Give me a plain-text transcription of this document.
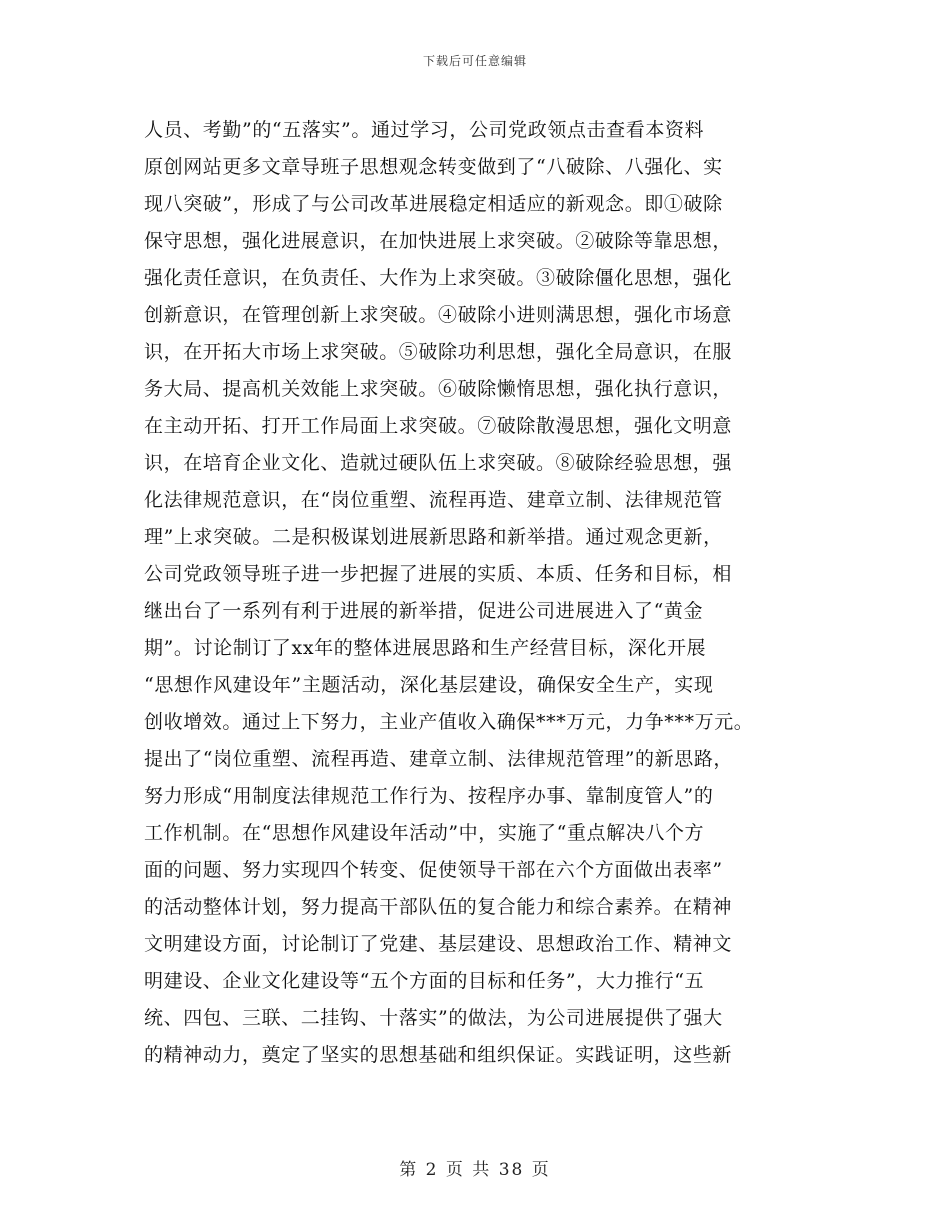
下载后可任意编辑
人员、考勤”的“五落实”。通过学习，公司党政领点击查看本资料
原创网站更多文章导班子思想观念转变做到了“八破除、八强化、实
现八突破”，形成了与公司改革进展稳定相适应的新观念。即①破除
保守思想，强化进展意识，在加快进展上求突破。②破除等靠思想，
强化责任意识，在负责任、大作为上求突破。③破除僵化思想，强化
创新意识，在管理创新上求突破。④破除小进则满思想，强化市场意
识，在开拓大市场上求突破。⑤破除功利思想，强化全局意识，在服
务大局、提高机关效能上求突破。⑥破除懒惰思想，强化执行意识，
在主动开拓、打开工作局面上求突破。⑦破除散漫思想，强化文明意
识，在培育企业文化、造就过硬队伍上求突破。⑧破除经验思想，强
化法律规范意识，在“岗位重塑、流程再造、建章立制、法律规范管
理”上求突破。二是积极谋划进展新思路和新举措。通过观念更新，
公司党政领导班子进一步把握了进展的实质、本质、任务和目标，相
继出台了一系列有利于进展的新举措，促进公司进展进入了“黄金
期”。讨论制订了xx年的整体进展思路和生产经营目标，深化开展
“思想作风建设年”主题活动，深化基层建设，确保安全生产，实现
创收增效。通过上下努力，主业产值收入确保***万元，力争***万元。
提出了“岗位重塑、流程再造、建章立制、法律规范管理”的新思路，
努力形成“用制度法律规范工作行为、按程序办事、靠制度管人”的
工作机制。在“思想作风建设年活动”中，实施了“重点解决八个方
面的问题、努力实现四个转变、促使领导干部在六个方面做出表率”
的活动整体计划，努力提高干部队伍的复合能力和综合素养。在精神
文明建设方面，讨论制订了党建、基层建设、思想政治工作、精神文
明建设、企业文化建设等“五个方面的目标和任务”，大力推行“五
统、四包、三联、二挂钩、十落实”的做法，为公司进展提供了强大
的精神动力，奠定了坚实的思想基础和组织保证。实践证明，这些新
第 2 页 共 38 页
